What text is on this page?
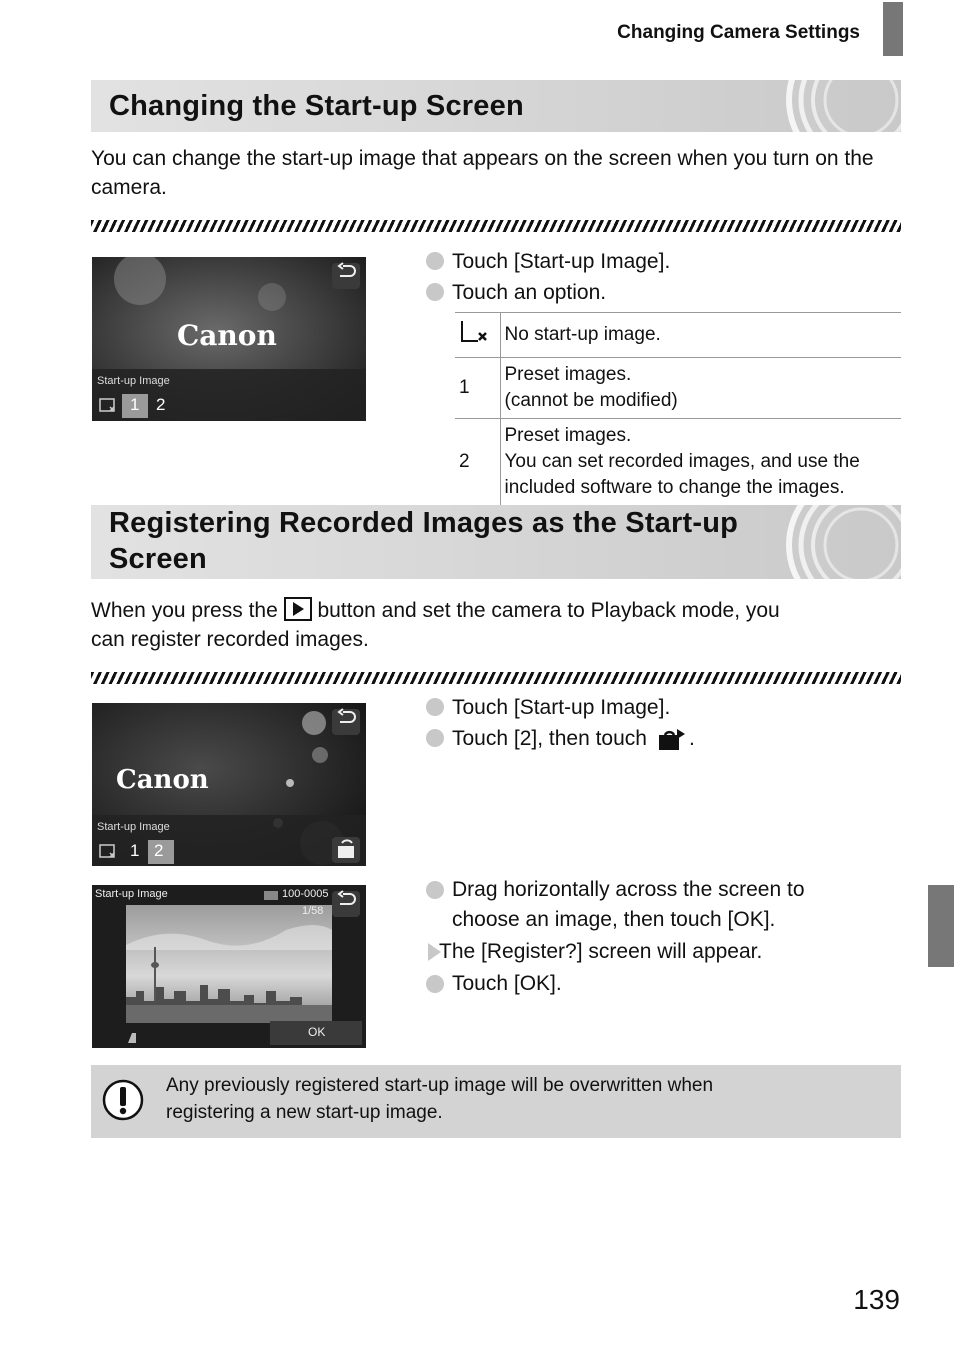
Changing Camera Settings
Changing the Start-up Screen
You can change the start-up image that appears on the screen when you turn on the camera.
Canon
Start-up Image
1 2
Touch [Start-up Image].
Touch an option.
	No start-up image.
1	Preset images.
(cannot be modified)

2	Preset images.
You can set recorded images, and use the
included software to change the images.
Registering Recorded Images as the Start-up
Screen
When you press the button and set the camera to Playback mode, you
can register recorded images.
Canon
Start-up Image
1 2
Touch [Start-up Image].
Touch [2], then touch .
Start-up Image	100-0005
1/58
OK
Drag horizontally across the screen to
choose an image, then touch [OK].
The [Register?] screen will appear.
Touch [OK].
Any previously registered start-up image will be overwritten when
registering a new start-up image.
139
